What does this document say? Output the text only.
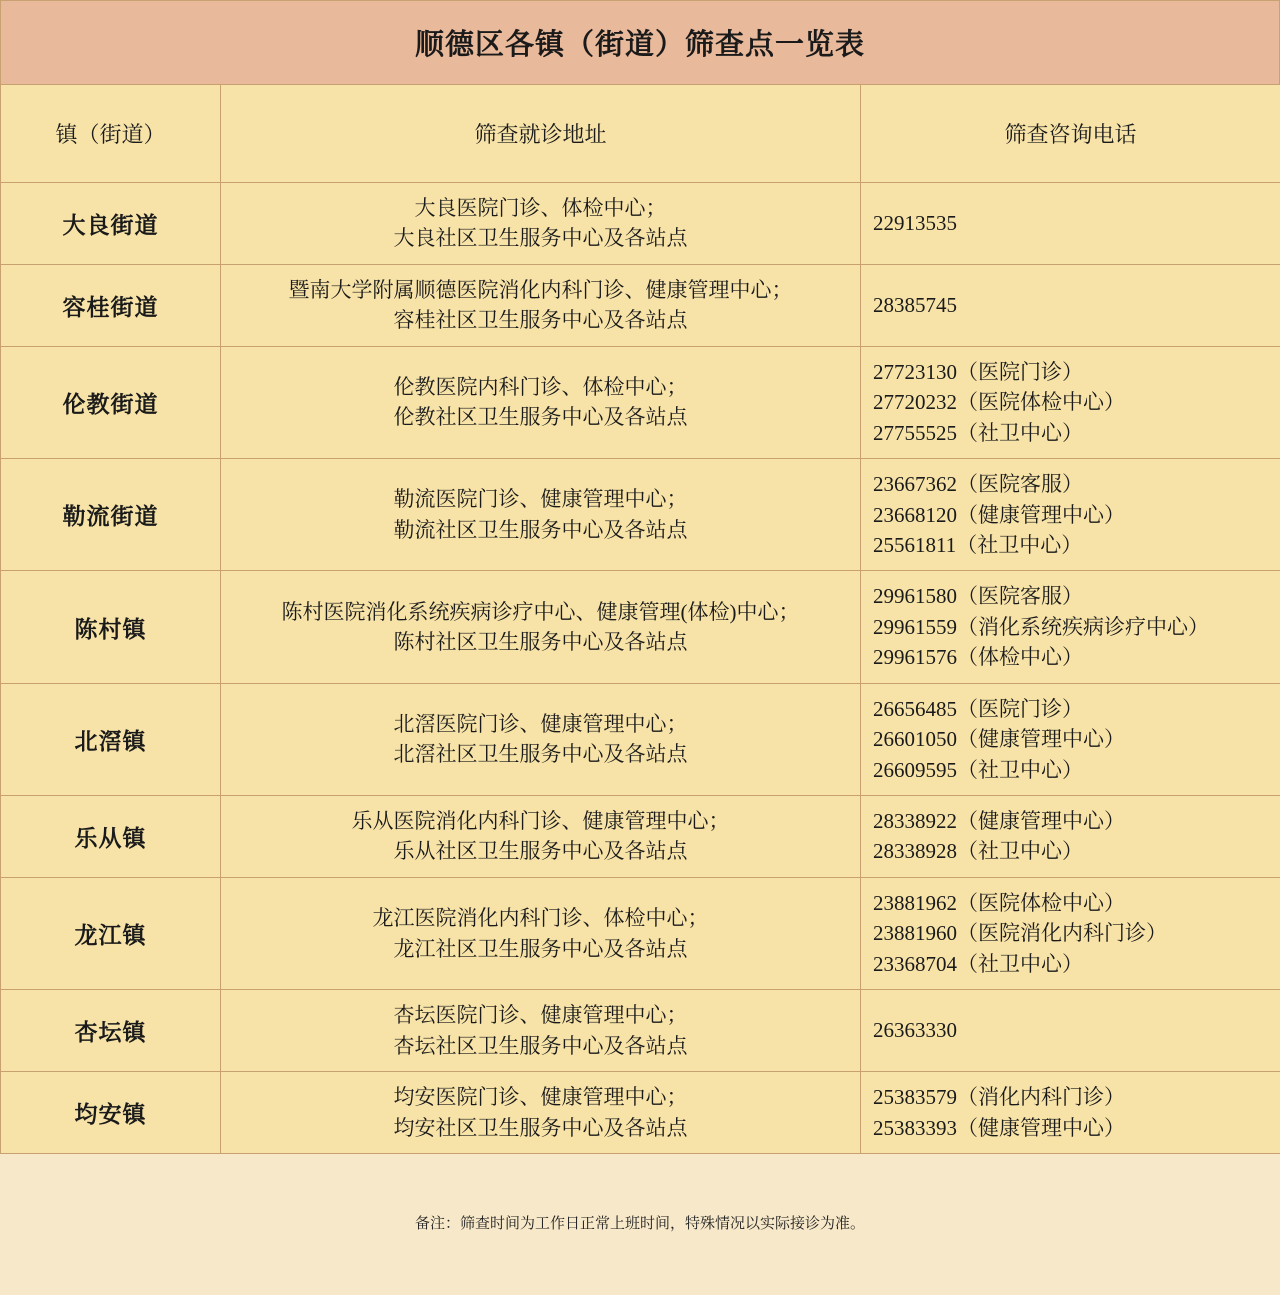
顺德区各镇（街道）筛查点一览表
镇（街道）	筛查就诊地址	筛查咨询电话
大良街道	大良医院门诊、体检中心；
大良社区卫生服务中心及各站点	22913535

容桂街道	暨南大学附属顺德医院消化内科门诊、健康管理中心；
容桂社区卫生服务中心及各站点	28385745

伦教街道	伦教医院内科门诊、体检中心；
伦教社区卫生服务中心及各站点	27723130（医院门诊）
27720232（医院体检中心）
27755525（社卫中心）

勒流街道	勒流医院门诊、健康管理中心；
勒流社区卫生服务中心及各站点	23667362（医院客服）
23668120（健康管理中心）
25561811（社卫中心）

陈村镇	陈村医院消化系统疾病诊疗中心、健康管理(体检)中心；
陈村社区卫生服务中心及各站点	29961580（医院客服）
29961559（消化系统疾病诊疗中心）
29961576（体检中心）

北滘镇	北滘医院门诊、健康管理中心；
北滘社区卫生服务中心及各站点	26656485（医院门诊）
26601050（健康管理中心）
26609595（社卫中心）

乐从镇	乐从医院消化内科门诊、健康管理中心；
乐从社区卫生服务中心及各站点	28338922（健康管理中心）
28338928（社卫中心）

龙江镇	龙江医院消化内科门诊、体检中心；
龙江社区卫生服务中心及各站点	23881962（医院体检中心）
23881960（医院消化内科门诊）
23368704（社卫中心）

杏坛镇	杏坛医院门诊、健康管理中心；
杏坛社区卫生服务中心及各站点	26363330

均安镇	均安医院门诊、健康管理中心；
均安社区卫生服务中心及各站点	25383579（消化内科门诊）
25383393（健康管理中心）
备注：筛查时间为工作日正常上班时间，特殊情况以实际接诊为准。
